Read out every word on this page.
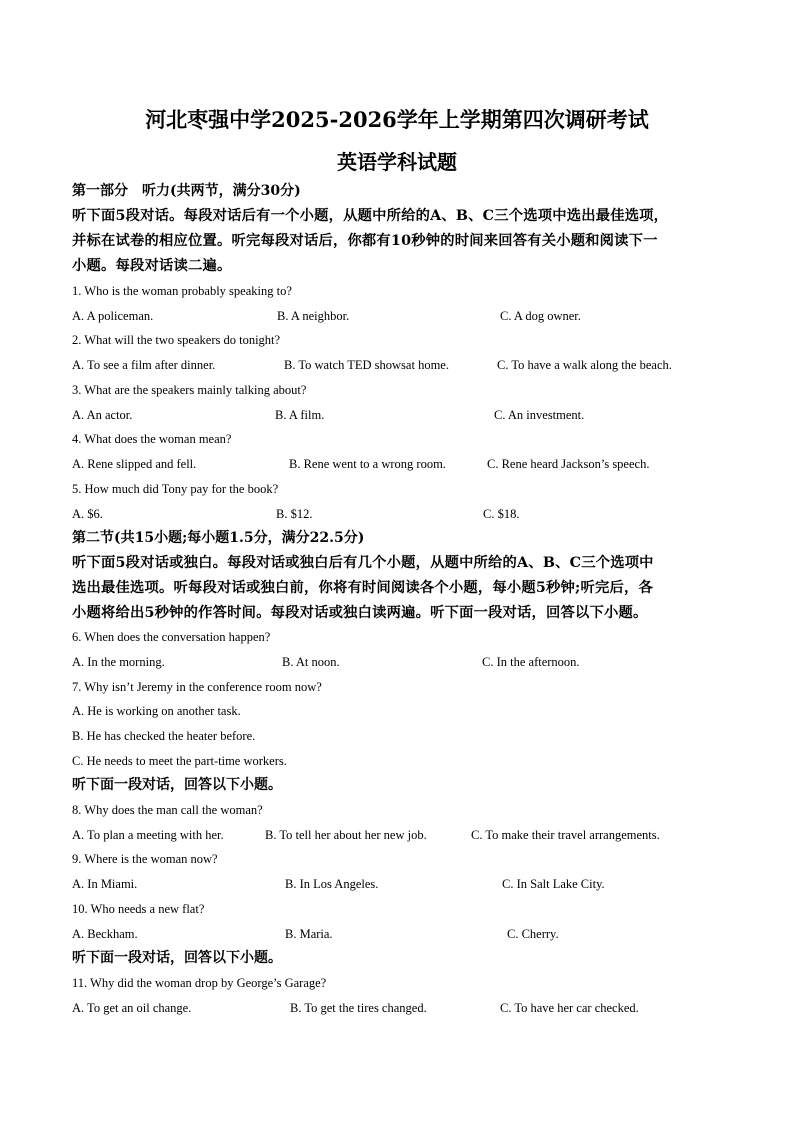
河北枣强中学2025-2026学年上学期第四次调研考试
英语学科试题
第一部分　听力(共两节，满分30分)
听下面5段对话。每段对话后有一个小题，从题中所给的A、B、C三个选项中选出最佳选项，
并标在试卷的相应位置。听完每段对话后，你都有10秒钟的时间来回答有关小题和阅读下一
小题。每段对话读二遍。
1. Who is the woman probably speaking to?
A. A policeman.	B. A neighbor.	C. A dog owner.
2. What will the two speakers do tonight?
A. To see a film after dinner.	B. To watch TED showsat home.	C. To have a walk along the beach.
3. What are the speakers mainly talking about?
A. An actor.	B. A film.	C. An investment.
4. What does the woman mean?
A. Rene slipped and fell.	B. Rene went to a wrong room.	C. Rene heard Jackson’s speech.
5. How much did Tony pay for the book?
A. $6.	B. $12.	C. $18.
第二节(共15小题;每小题1.5分，满分22.5分)
听下面5段对话或独白。每段对话或独白后有几个小题，从题中所给的A、B、C三个选项中
选出最佳选项。听每段对话或独白前，你将有时间阅读各个小题，每小题5秒钟;听完后，各
小题将给出5秒钟的作答时间。每段对话或独白读两遍。听下面一段对话，回答以下小题。
6. When does the conversation happen?
A. In the morning.	B. At noon.	C. In the afternoon.
7. Why isn’t Jeremy in the conference room now?
A. He is working on another task.
B. He has checked the heater before.
C. He needs to meet the part-time workers.
听下面一段对话，回答以下小题。
8. Why does the man call the woman?
A. To plan a meeting with her.	B. To tell her about her new job.	C. To make their travel arrangements.
9. Where is the woman now?
A. In Miami.	B. In Los Angeles.	C. In Salt Lake City.
10. Who needs a new flat?
A. Beckham.	B. Maria.	C. Cherry.
听下面一段对话，回答以下小题。
11. Why did the woman drop by George’s Garage?
A. To get an oil change.	B. To get the tires changed.	C. To have her car checked.
